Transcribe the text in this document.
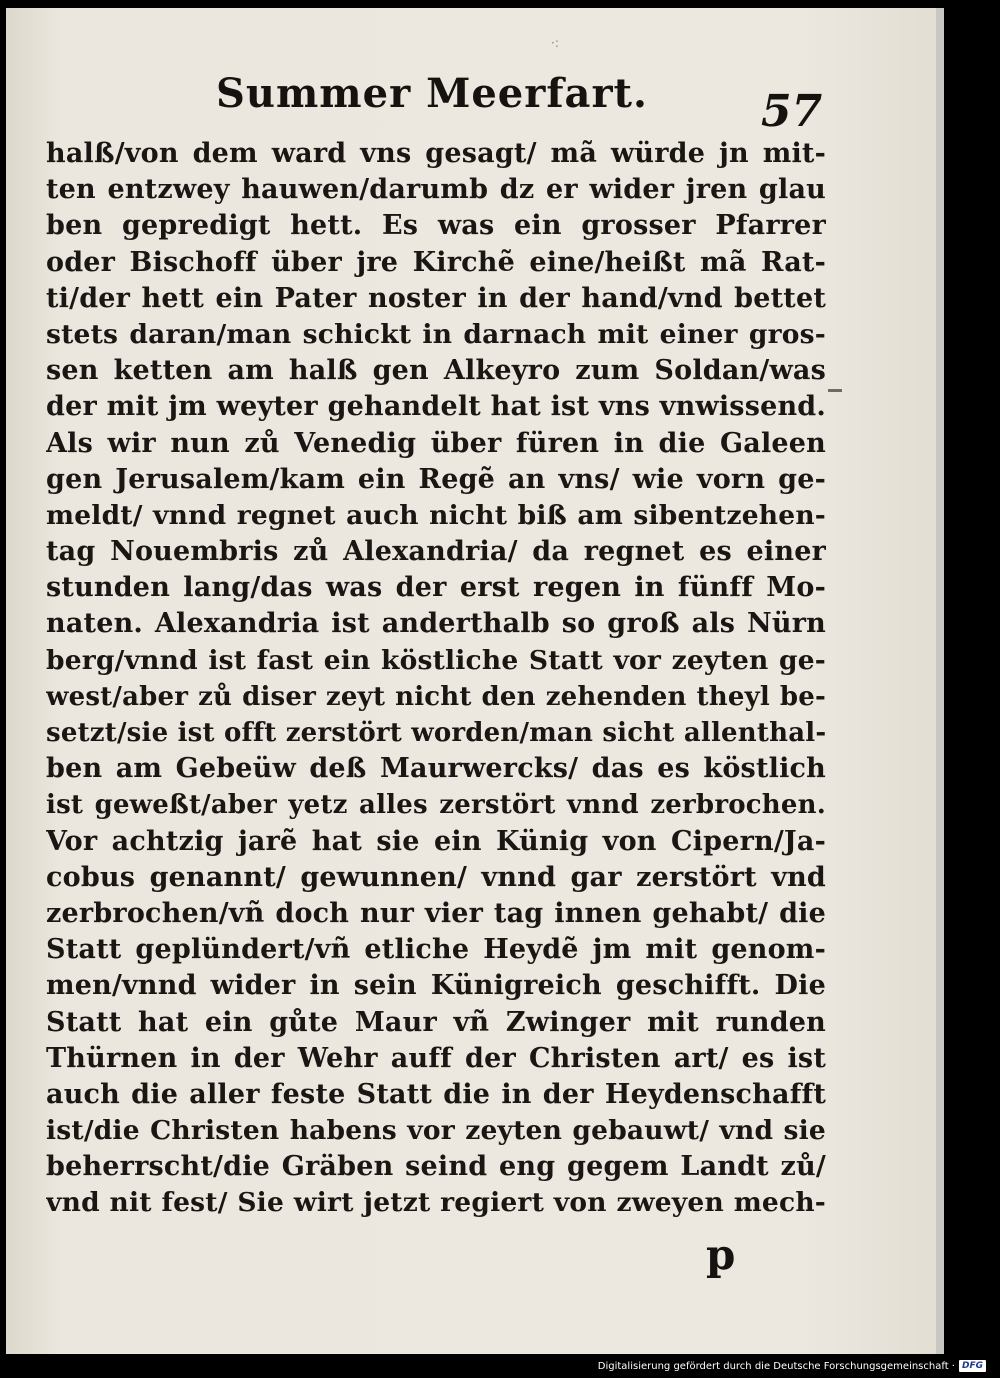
·:
Summer Meerfart.	57
halß/von dem ward vns gesagt/ mã würde jn mit‑
ten entzwey hauwen/darumb dz er wider jren glau
ben gepredigt hett. Es was ein grosser Pfarrer
oder Bischoff über jre Kirchẽ eine/heißt mã Rat‑
ti/der hett ein Pater noster in der hand/vnd bettet
stets daran/man schickt in darnach mit einer gros‑
sen ketten am halß gen Alkeyro zum Soldan/was
der mit jm weyter gehandelt hat ist vns vnwissend.
Als wir nun zů Venedig über füren in die Galeen
gen Jerusalem/kam ein Regẽ an vns/ wie vorn ge‑
meldt/ vnnd regnet auch nicht biß am sibentzehen‑
tag Nouembris zů Alexandria/ da regnet es einer
stunden lang/das was der erst regen in fünff Mo‑
naten. Alexandria ist anderthalb so groß als Nürn
berg/vnnd ist fast ein köstliche Statt vor zeyten ge‑
west/aber zů diser zeyt nicht den zehenden theyl be‑
setzt/sie ist offt zerstört worden/man sicht allenthal‑
ben am Gebeüw deß Maurwercks/ das es köstlich
ist geweßt/aber yetz alles zerstört vnnd zerbrochen.
Vor achtzig jarẽ hat sie ein Künig von Cipern/Ja‑
cobus genannt/ gewunnen/ vnnd gar zerstört vnd
zerbrochen/vñ doch nur vier tag innen gehabt/ die
Statt geplündert/vñ etliche Heydẽ jm mit genom‑
men/vnnd wider in sein Künigreich geschifft. Die
Statt hat ein gůte Maur vñ Zwinger mit runden
Thürnen in der Wehr auff der Christen art/ es ist
auch die aller feste Statt die in der Heydenschafft
ist/die Christen habens vor zeyten gebauwt/ vnd sie
beherrscht/die Gräben seind eng gegem Landt zů/
vnd nit fest/ Sie wirt jetzt regiert von zweyen mech‑
p
Digitalisierung gefördert durch die Deutsche Forschungsgemeinschaft · DFG
